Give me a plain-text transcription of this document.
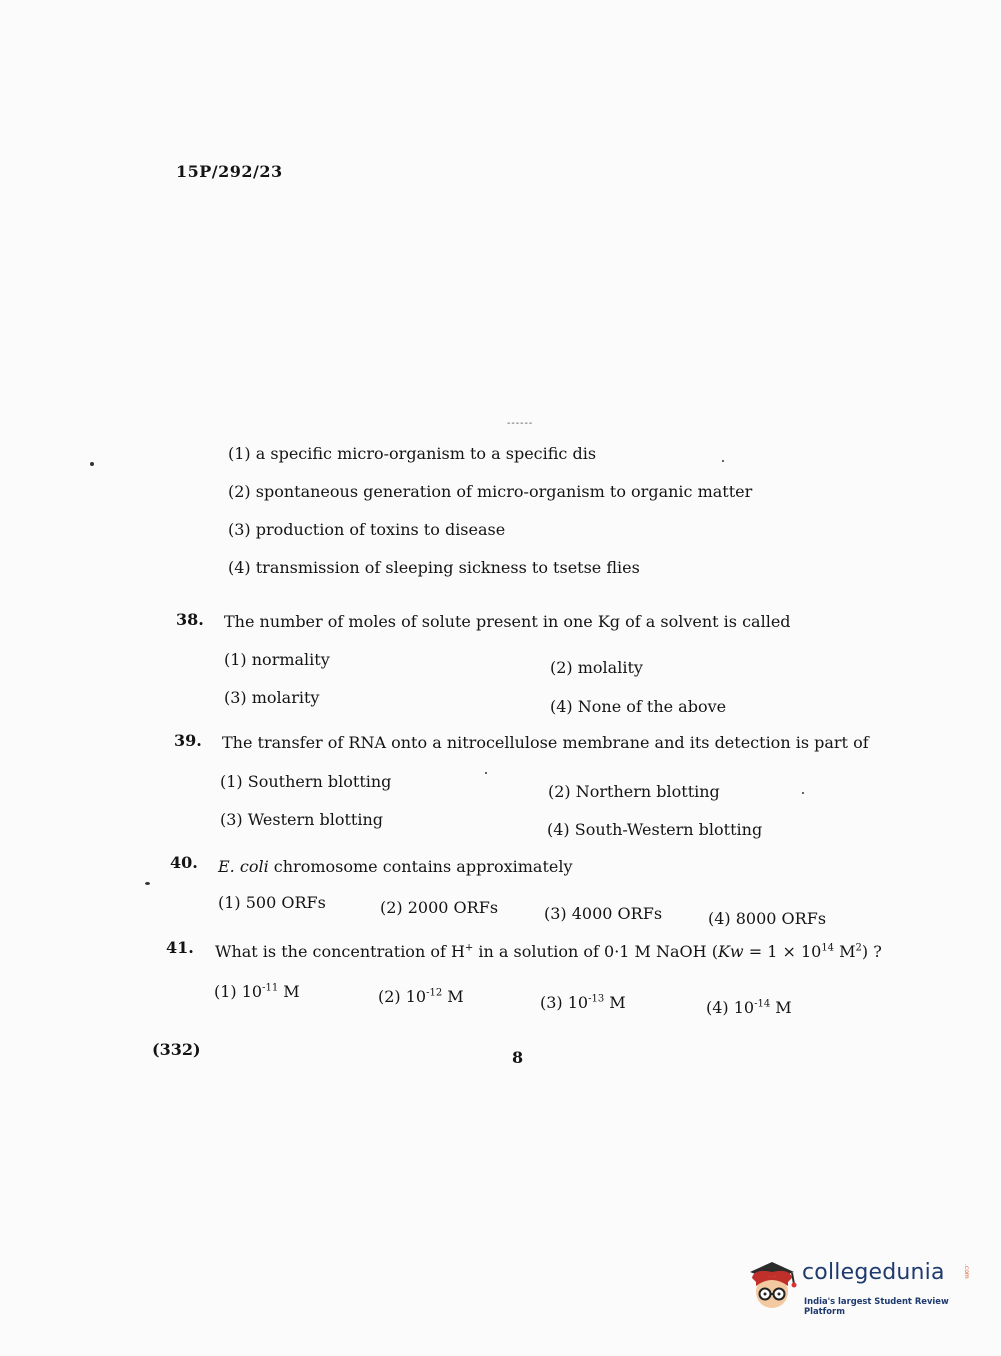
15P/292/23
------
(1) a specific micro-organism to a specific dis
(2) spontaneous generation of micro-organism to organic matter
(3) production of toxins to disease
(4) transmission of sleeping sickness to tsetse flies
38. The number of moles of solute present in one Kg of a solvent is called
(1) normality	(2) molality
(3) molarity	(4) None of the above
39. The transfer of RNA onto a nitrocellulose membrane and its detection is part of
(1) Southern blotting
(2) Northern blotting
(3) Western blotting
(4) South-Western blotting
40. E. coli chromosome contains approximately
(1) 500 ORFs	(2) 2000 ORFs	(3) 4000 ORFs	(4) 8000 ORFs
41. What is the concentration of H+ in a solution of 0·1 M NaOH ($Kw = 1 \times 10^{14}$ $M^2$) ?
(1) $10^{-11}$ M	(2) $10^{-12}$ M	(3) $10^{-13}$ M	(4) $10^{-14}$ M
(332)	8
collegedunia	.com
India's largest Student Review Platform
